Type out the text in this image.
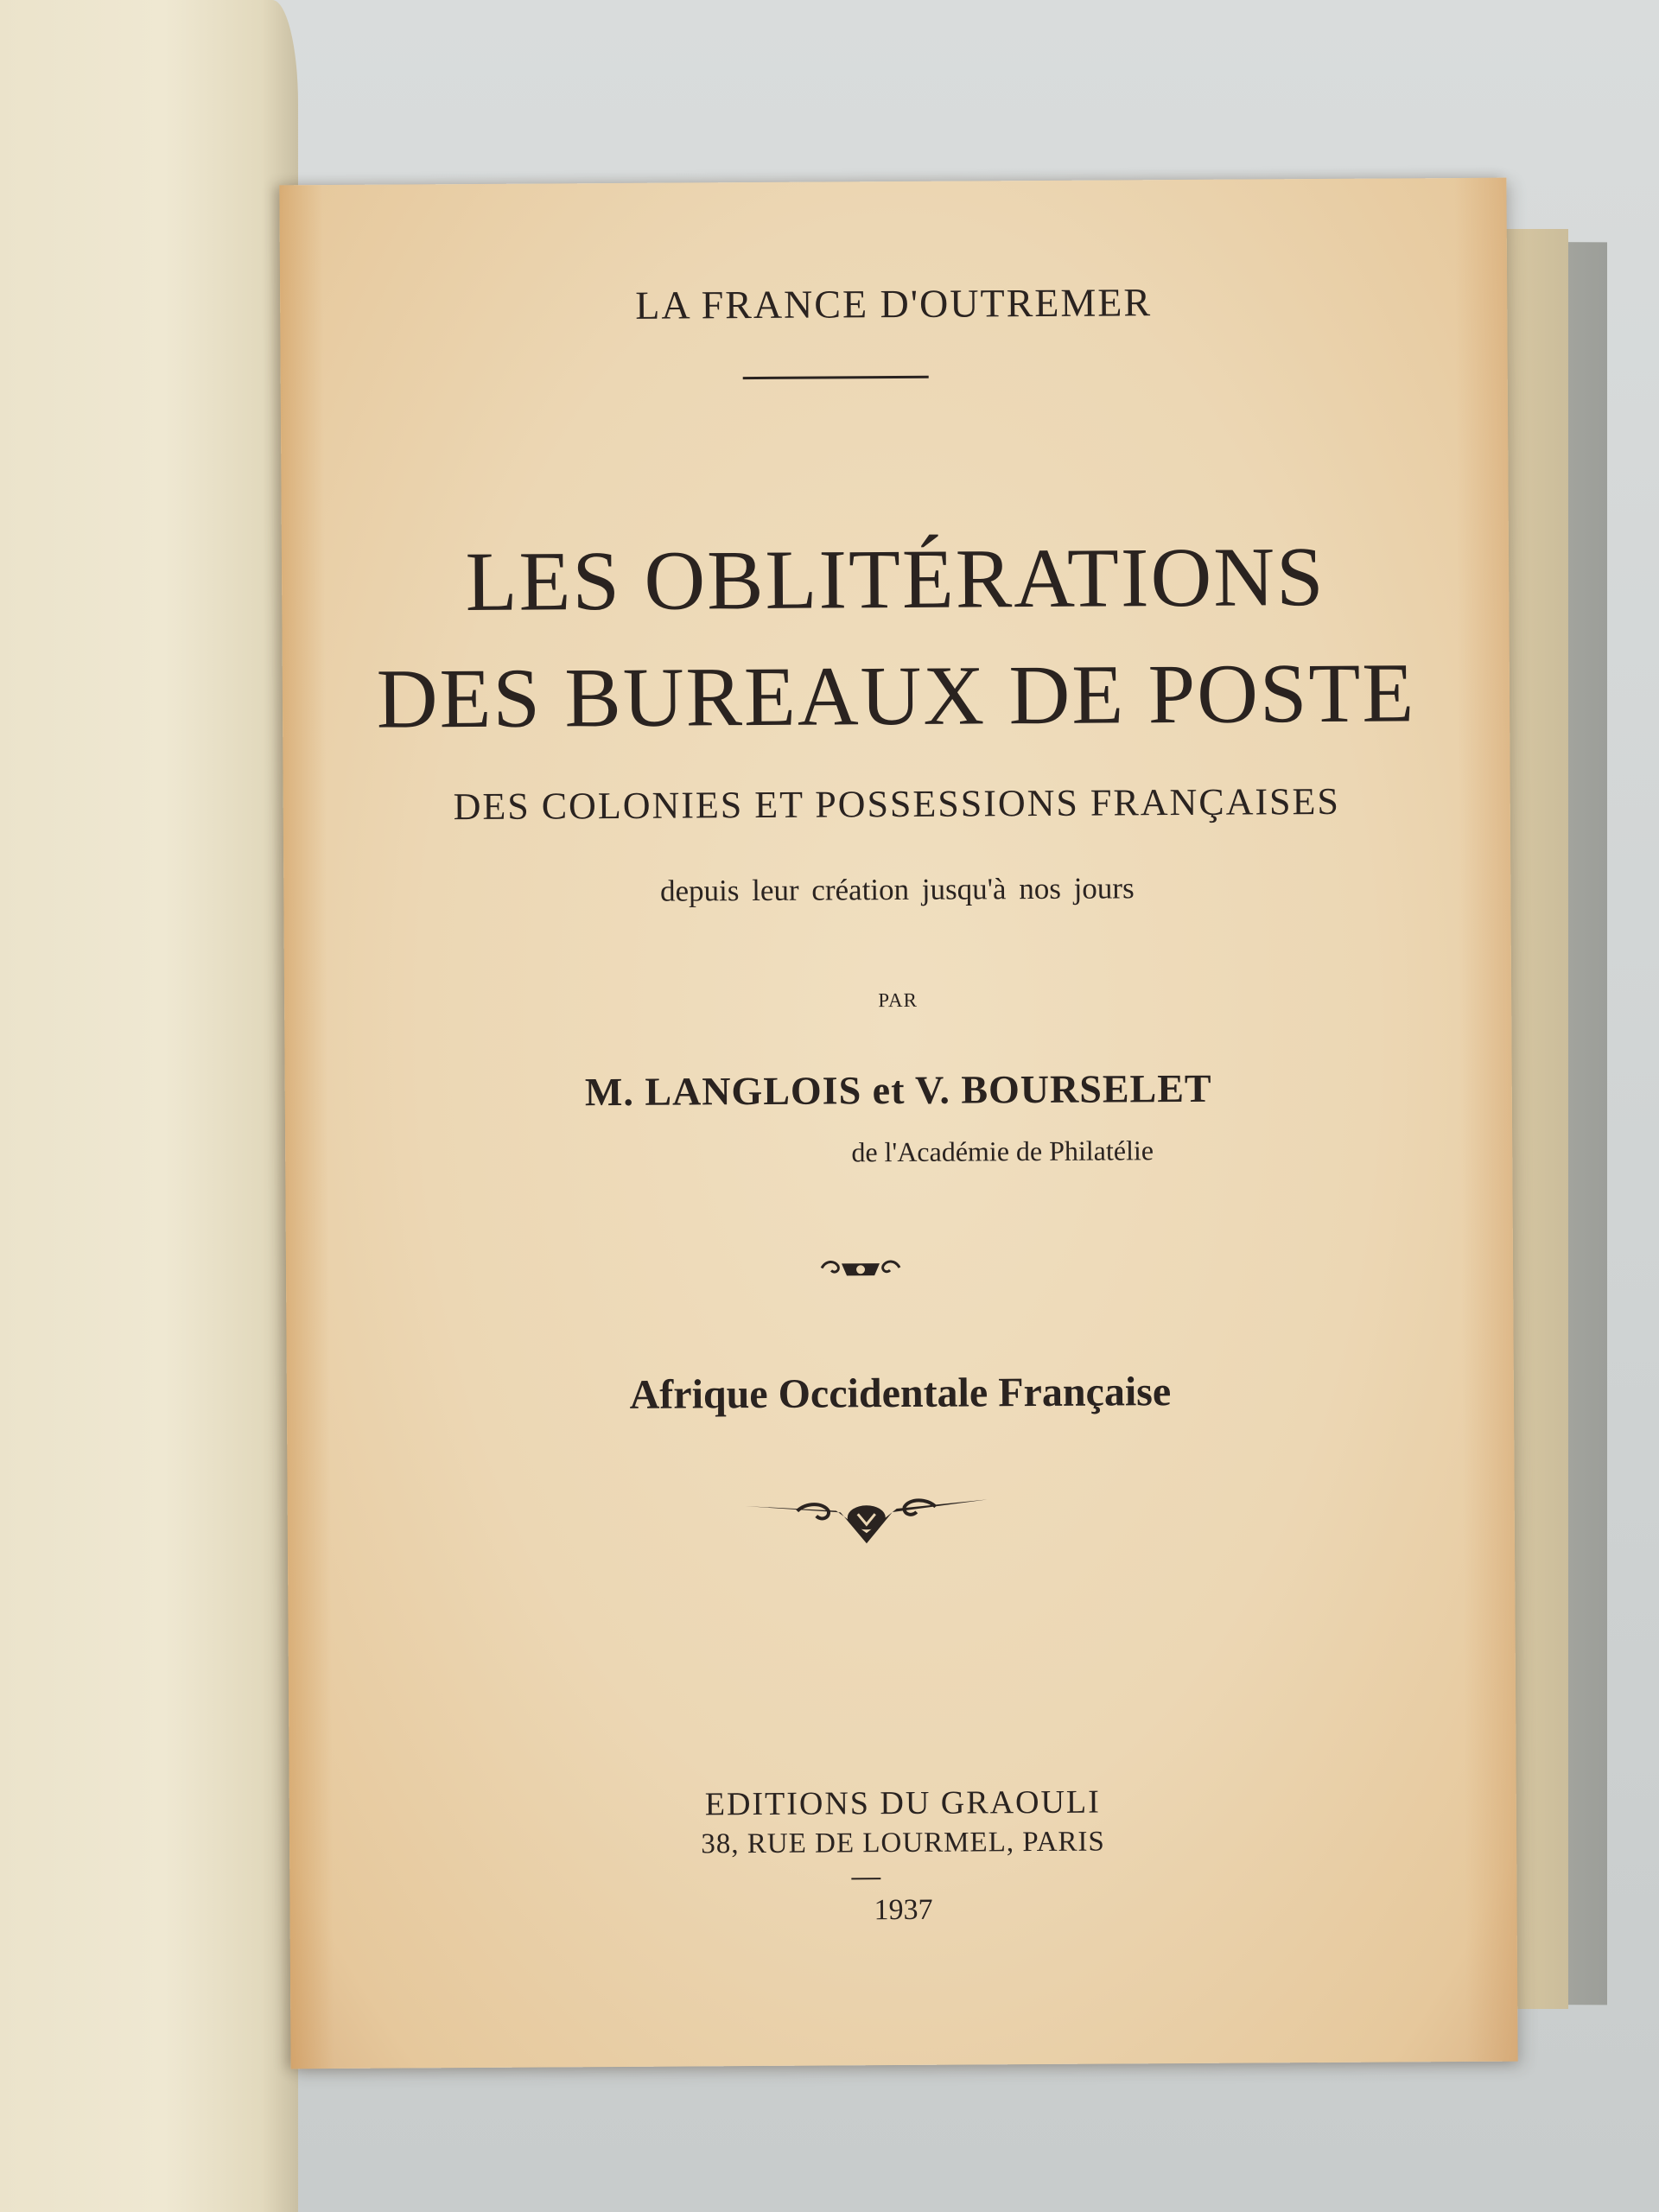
LA FRANCE D'OUTREMER
LES OBLITÉRATIONS
DES BUREAUX DE POSTE
DES COLONIES ET POSSESSIONS FRANÇAISES
depuis leur création jusqu'à nos jours
PAR
M. LANGLOIS et V. BOURSELET
de l'Académie de Philatélie
Afrique Occidentale Française
EDITIONS DU GRAOULI
38, RUE DE LOURMEL, PARIS
1937
